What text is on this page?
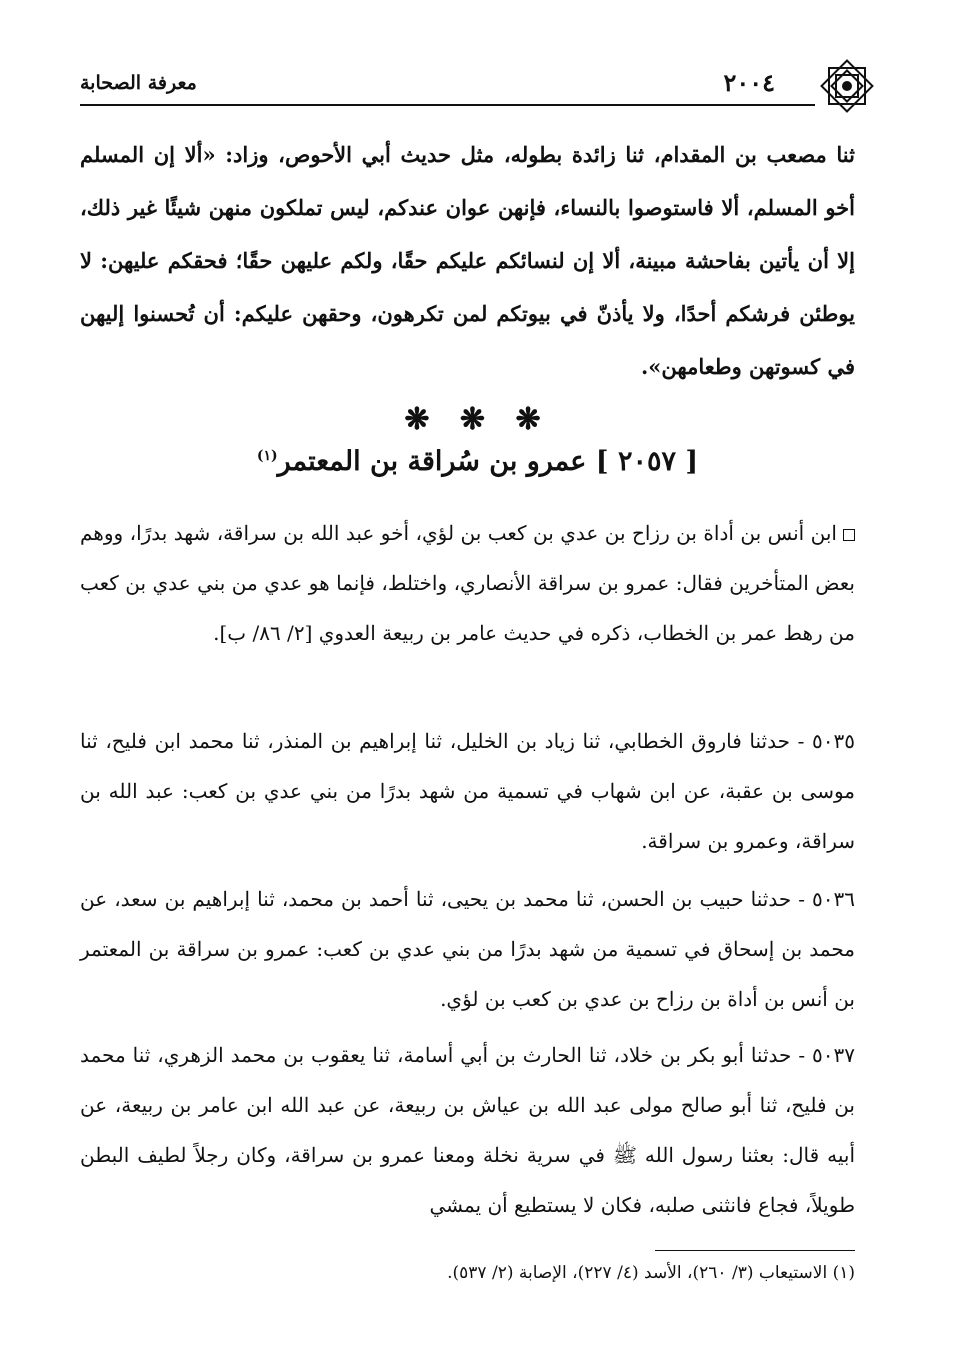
معرفة الصحابة	٢٠٠٤

ثنا مصعب بن المقدام، ثنا زائدة بطوله، مثل حديث أبي الأحوص، وزاد: «ألا إن المسلم أخو المسلم، ألا فاستوصوا بالنساء، فإنهن عوان عندكم، ليس تملكون منهن شيئًا غير ذلك، إلا أن يأتين بفاحشة مبينة، ألا إن لنسائكم عليكم حقًا، ولكم عليهن حقًا؛ فحقكم عليهن: لا يوطئن فرشكم أحدًا، ولا يأذنّ في بيوتكم لمن تكرهون، وحقهن عليكم: أن تُحسنوا إليهن في كسوتهن وطعامهن».

❋ ❋ ❋
[ ٢٠٥٧ ] عمرو بن سُراقة بن المعتمر$^{(١)}$

ابن أنس بن أداة بن رزاح بن عدي بن كعب بن لؤي، أخو عبد الله بن سراقة، شهد بدرًا، ووهم بعض المتأخرين فقال: عمرو بن سراقة الأنصاري، واختلط، فإنما هو عدي من بني عدي بن كعب من رهط عمر بن الخطاب، ذكره في حديث عامر بن ربيعة العدوي [٢/ ٨٦/ ب].

٥٠٣٥ - حدثنا فاروق الخطابي، ثنا زياد بن الخليل، ثنا إبراهيم بن المنذر، ثنا محمد ابن فليح، ثنا موسى بن عقبة، عن ابن شهاب في تسمية من شهد بدرًا من بني عدي بن كعب: عبد الله بن سراقة، وعمرو بن سراقة.

٥٠٣٦ - حدثنا حبيب بن الحسن، ثنا محمد بن يحيى، ثنا أحمد بن محمد، ثنا إبراهيم بن سعد، عن محمد بن إسحاق في تسمية من شهد بدرًا من بني عدي بن كعب: عمرو بن سراقة بن المعتمر بن أنس بن أداة بن رزاح بن عدي بن كعب بن لؤي.

٥٠٣٧ - حدثنا أبو بكر بن خلاد، ثنا الحارث بن أبي أسامة، ثنا يعقوب بن محمد الزهري، ثنا محمد بن فليح، ثنا أبو صالح مولى عبد الله بن عياش بن ربيعة، عن عبد الله ابن عامر بن ربيعة، عن أبيه قال: بعثنا رسول الله ﷺ في سرية نخلة ومعنا عمرو بن سراقة، وكان رجلاً لطيف البطن طويلاً، فجاع فانثنى صلبه، فكان لا يستطيع أن يمشي

(١) الاستيعاب (٣/ ٢٦٠)، الأسد (٤/ ٢٢٧)، الإصابة (٢/ ٥٣٧).
